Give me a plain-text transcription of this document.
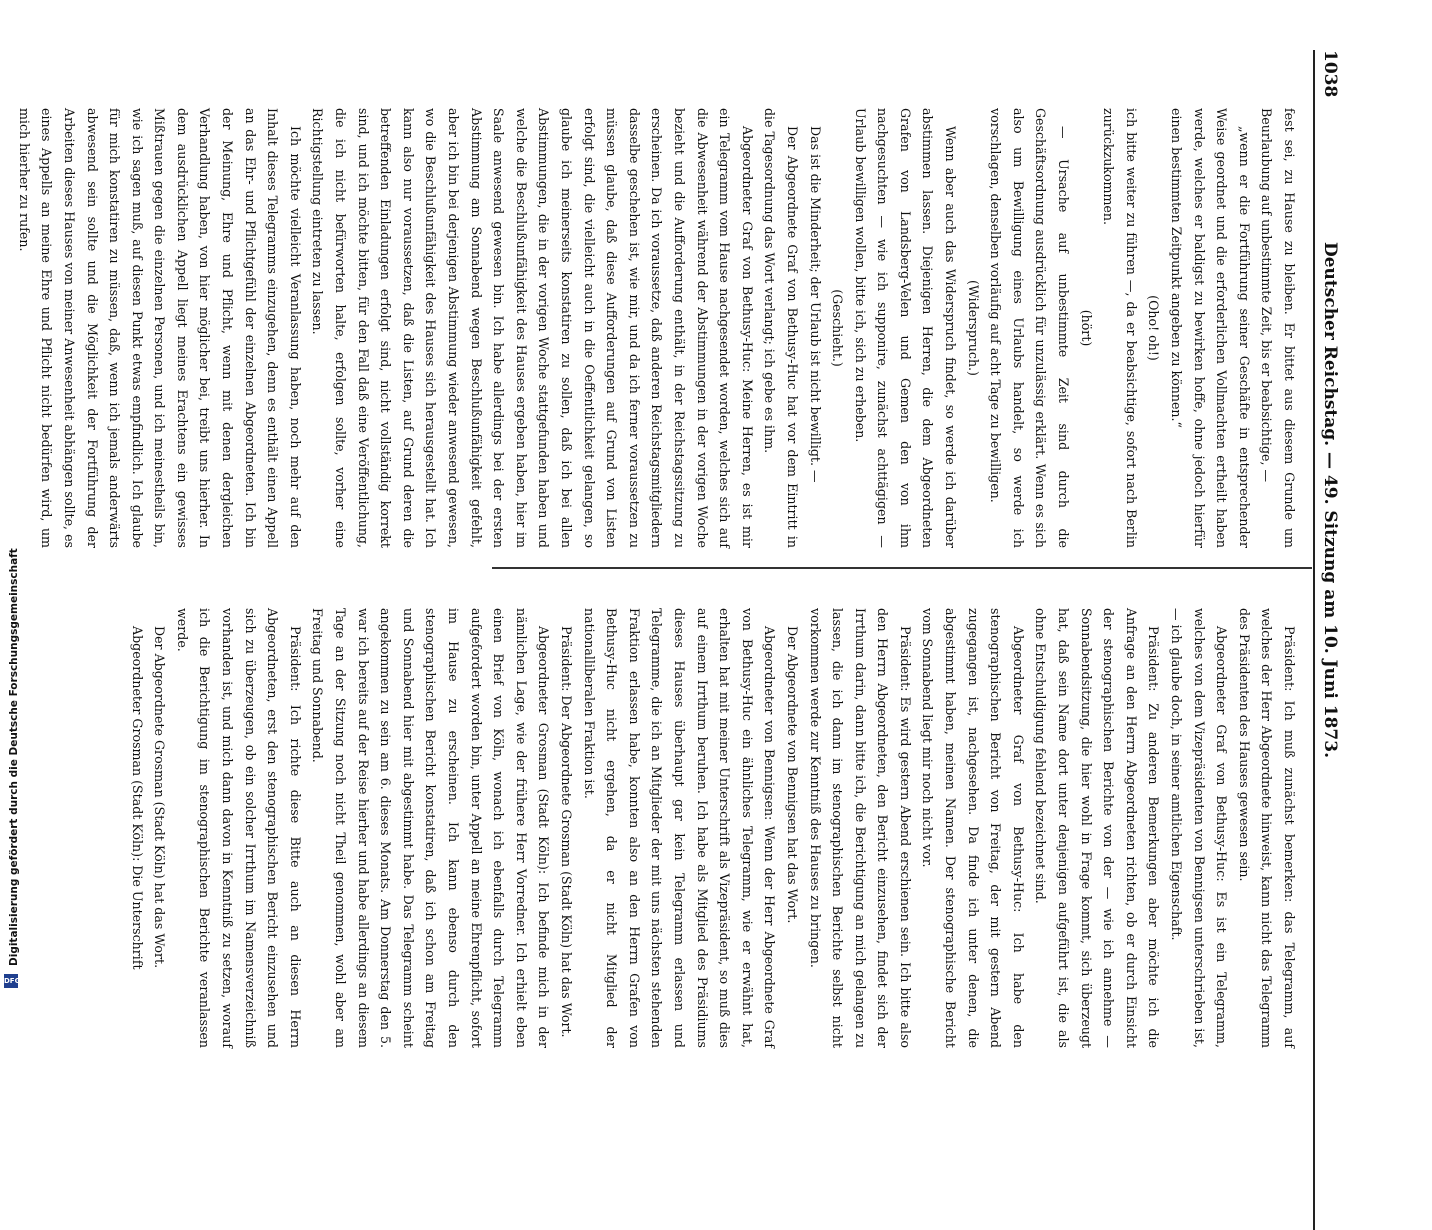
1038
Deutscher Reichstag. — 49. Sitzung am 10. Juni 1873.

fest sei, zu Hause zu bleiben. Er bittet aus diesem Grunde um Beurlaubung auf unbestimmte Zeit, bis er beabsichtige, —

„wenn er die Fortführung seiner Geschäfte in entsprechender Weise geordnet und die erforderlichen Vollmachten ertheilt haben werde, welches er baldigst zu bewirken hoffe, ohne jedoch hierfür einen bestimmten Zeitpunkt angeben zu können.“

(Oho! oh!)

ich bitte weiter zu führen —, da er beabsichtige, sofort nach Berlin zurückzukommen.

(hört)

— Ursache auf unbestimmte Zeit sind durch die Geschäftsordnung ausdrücklich für unzulässig erklärt. Wenn es sich also um Bewilligung eines Urlaubs handelt, so werde ich vorschlagen, denselben vorläufig auf acht Tage zu bewilligen.

(Widerspruch.)

Wenn aber auch das Widerspruch findet, so werde ich darüber abstimmen lassen. Diejenigen Herren, die dem Abgeordneten Grafen von Landsberg-Velen und Gemen den von ihm nachgesuchten — wie ich supponire, zunächst achttägigen — Urlaub bewilligen wollen, bitte ich, sich zu erheben.

(Geschieht.)

Das ist die Minderheit; der Urlaub ist nicht bewilligt. —

Der Abgeordnete Graf von Bethusy-Huc hat vor dem Eintritt in die Tagesordnung das Wort verlangt; ich gebe es ihm.

Abgeordneter Graf von Bethusy-Huc: Meine Herren, es ist mir ein Telegramm vom Hause nachgesendet worden, welches sich auf die Abwesenheit während der Abstimmungen in der vorigen Woche bezieht und die Aufforderung enthält, in der Reichstagssitzung zu erscheinen. Da ich voraussetze, daß anderen Reichstagsmitgliedern dasselbe geschehen ist, wie mir, und da ich ferner voraussetzen zu müssen glaube, daß diese Aufforderungen auf Grund von Listen erfolgt sind, die vielleicht auch in die Oeffentlichkeit gelangen, so glaube ich meinerseits konstatiren zu sollen, daß ich bei allen Abstimmungen, die in der vorigen Woche stattgefunden haben und welche die Beschlußunfähigkeit des Hauses ergeben haben, hier im Saale anwesend gewesen bin. Ich habe allerdings bei der ersten Abstimmung am Sonnabend wegen Beschlußunfähigkeit gefehlt, aber ich bin bei derjenigen Abstimmung wieder anwesend gewesen, wo die Beschlußunfähigkeit des Hauses sich herausgestellt hat. Ich kann also nur voraussetzen, daß die Listen, auf Grund deren die betreffenden Einladungen erfolgt sind, nicht vollständig korrekt sind, und ich möchte bitten, für den Fall daß eine Veröffentlichung, die ich nicht befürworten halte, erfolgen sollte, vorher eine Richtigstellung eintreten zu lassen.

Ich möchte vielleicht Veranlassung haben, noch mehr auf den Inhalt dieses Telegramms einzugehen, denn es enthält einen Appell an das Ehr- und Pflichtgefühl der einzelnen Abgeordneten. Ich bin der Meinung, Ehre und Pflicht, wenn mit denen dergleichen Verhandlung haben, von hier möglicher bei, treibt uns hierher. In dem ausdrücklichen Appell liegt meines Erachtens ein gewisses Mißtrauen gegen die einzelnen Personen, und ich meinestheils bin, wie ich sagen muß, auf diesen Punkt etwas empfindlich. Ich glaube für mich konstatiren zu müssen, daß, wenn ich jemals anderwärts abwesend sein sollte und die Möglichkeit der Fortführung der Arbeiten dieses Hauses von meiner Anwesenheit abhängen sollte, es eines Appells an meine Ehre und Pflicht nicht bedürfen wird, um mich hierher zu rufen.

Präsident: Ich muß zunächst bemerken: das Telegramm, auf welches der Herr Abgeordnete hinweist, kann nicht das Telegramm des Präsidenten des Hauses gewesen sein.

Abgeordneter Graf von Bethusy-Huc: Es ist ein Telegramm, welches von dem Vizepräsidenten von Bennigsen unterschrieben ist, — ich glaube doch, in seiner amtlichen Eigenschaft.

Präsident: Zu anderen Bemerkungen aber möchte ich die Anfrage an den Herrn Abgeordneten richten, ob er durch Einsicht der stenographischen Berichte von der — wie ich annehme — Sonnabendsitzung, die hier wohl in Frage kommt, sich überzeugt hat, daß sein Name dort unter denjenigen aufgeführt ist, die als ohne Entschuldigung fehlend bezeichnet sind.

Abgeordneter Graf von Bethusy-Huc: Ich habe den stenographischen Bericht von Freitag, der mit gestern Abend zugegangen ist, nachgesehen. Da finde ich unter denen, die abgestimmt haben, meinen Namen. Der stenographische Bericht vom Sonnabend liegt mir noch nicht vor.

Präsident: Es wird gestern Abend erschienen sein. Ich bitte also den Herrn Abgeordneten, den Bericht einzusehen, findet sich der Irrthum darin, dann bitte ich, die Berichtigung an mich gelangen zu lassen, die ich dann im stenographischen Berichte selbst nicht vorkommen werde zur Kenntniß des Hauses zu bringen.

Der Abgeordnete von Bennigsen hat das Wort.

Abgeordneter von Bennigsen: Wenn der Herr Abgeordnete Graf von Bethusy-Huc ein ähnliches Telegramm, wie er erwähnt hat, erhalten hat mit meiner Unterschrift als Vizepräsident, so muß dies auf einem Irrthum beruhen. Ich habe als Mitglied des Präsidiums dieses Hauses überhaupt gar kein Telegramm erlassen und Telegramme, die ich an Mitglieder der mit uns nächsten stehenden Fraktion erlassen habe, konnten also an den Herrn Grafen von Bethusy-Huc nicht ergehen, da er nicht Mitglied der nationalliberalen Fraktion ist.

Präsident: Der Abgeordnete Grosman (Stadt Köln) hat das Wort.

Abgeordneter Grosman (Stadt Köln): Ich befinde mich in der nämlichen Lage, wie der frühere Herr Vorredner. Ich erhielt eben einen Brief von Köln, wonach ich ebenfalls durch Telegramm aufgefordert worden bin, unter Appell an meine Ehrenpflicht, sofort im Hause zu erscheinen. Ich kann ebenso durch den stenographischen Bericht konstatiren, daß ich schon am Freitag und Sonnabend hier mit abgestimmt habe. Das Telegramm scheint angekommen zu sein am 6. dieses Monats. Am Donnerstag den 5. war ich bereits auf der Reise hierher und habe allerdings an diesem Tage an der Sitzung noch nicht Theil genommen, wohl aber am Freitag und Sonnabend.

Präsident: Ich richte diese Bitte auch an diesen Herrn Abgeordneten, erst den stenographischen Bericht einzusehen und sich zu überzeugen, ob ein solcher Irrthum im Namensverzeichniß vorhanden ist, und mich dann davon in Kenntniß zu setzen, worauf ich die Berichtigung im stenographischen Berichte veranlassen werde.

Der Abgeordnete Grosman (Stadt Köln) hat das Wort.

Abgeordneter Grosman (Stadt Köln): Die Unterschrift

Digitalisierung gefördert durch die Deutsche Forschungsgemeinschaft
DFG
